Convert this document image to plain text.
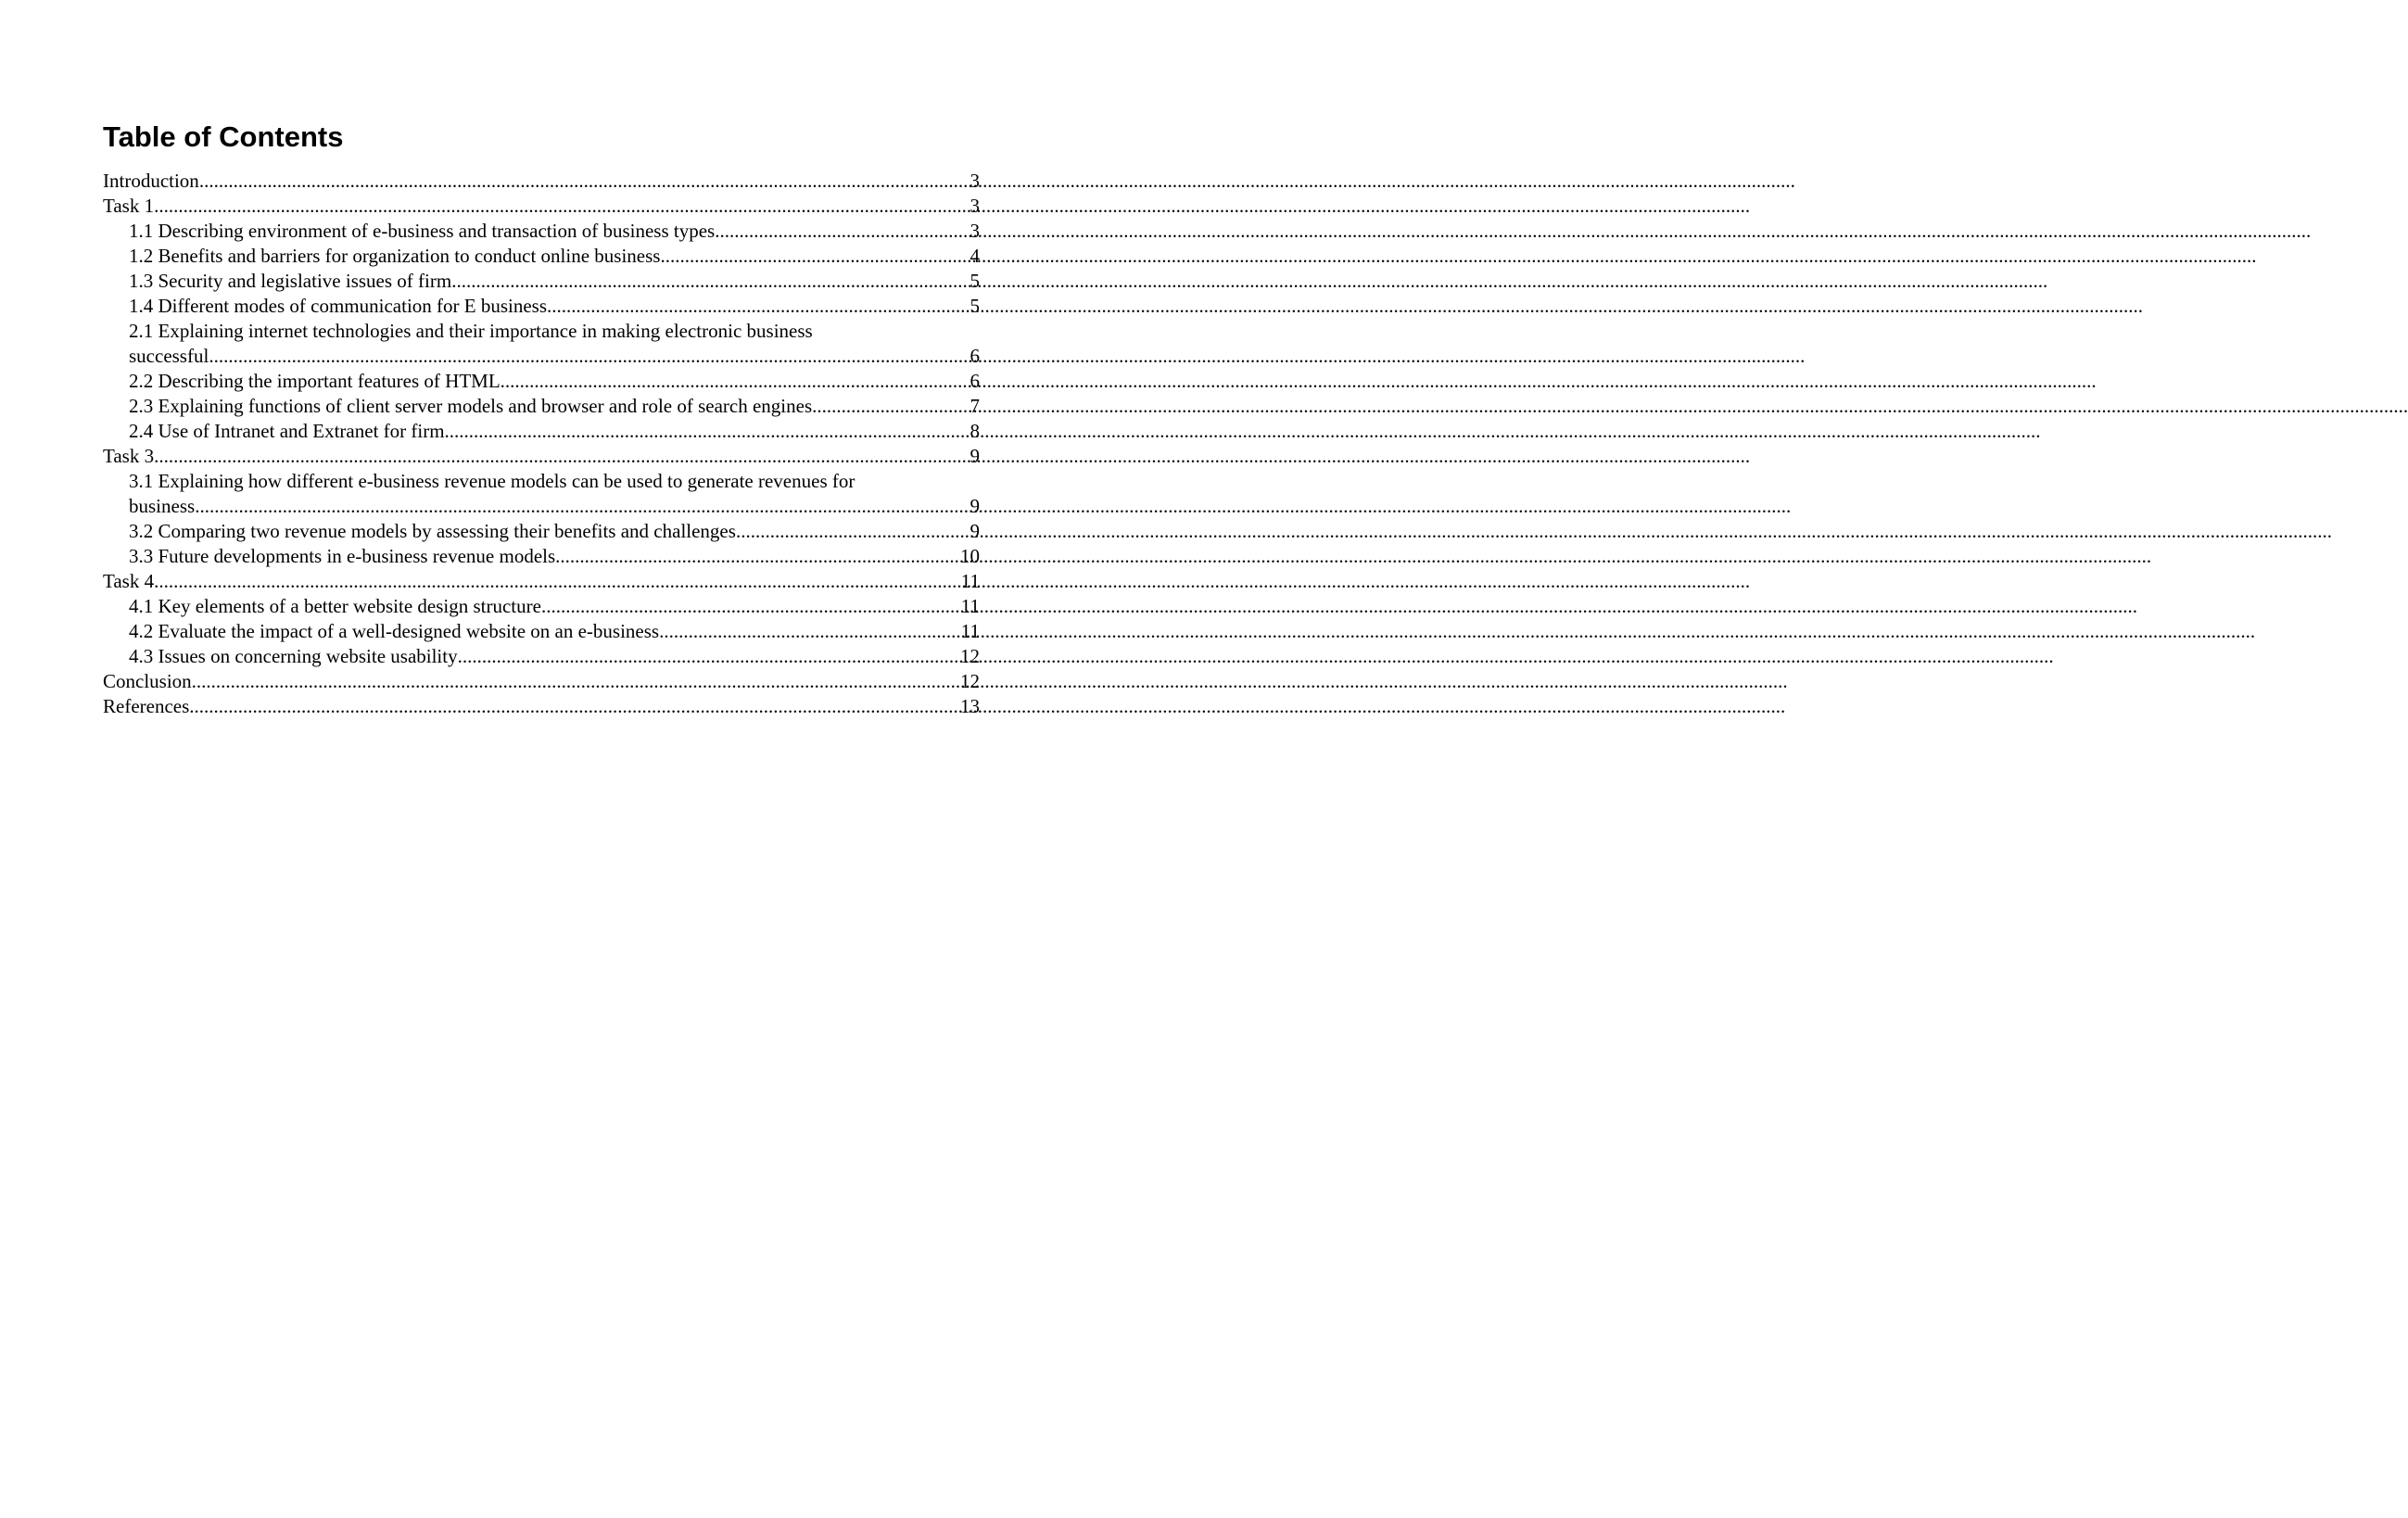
Table of Contents
Introduction .....	3
Task 1 .....	3
1.1 Describing environment of e-business and transaction of business types .....	3
1.2 Benefits and barriers for organization to conduct online business .....	4
1.3 Security and legislative issues of firm .....	5
1.4 Different modes of communication for E business .....	5
2.1 Explaining internet technologies and their importance in making electronic business
successful .....	6
2.2 Describing the important features of HTML .....	6
2.3 Explaining functions of client server models and browser and role of search engines .....	7
2.4 Use of Intranet and Extranet for firm .....	8
Task 3 .....	9
3.1 Explaining how different e-business revenue models can be used to generate revenues for
business .....	9
3.2 Comparing two revenue models by assessing their benefits and challenges .....	9
3.3 Future developments in e-business revenue models .....	10
Task 4 .....	11
4.1 Key elements of a better website design structure .....	11
4.2 Evaluate the impact of a well-designed website on an e-business .....	11
4.3 Issues on concerning website usability .....	12
Conclusion .....	12
References .....	13
